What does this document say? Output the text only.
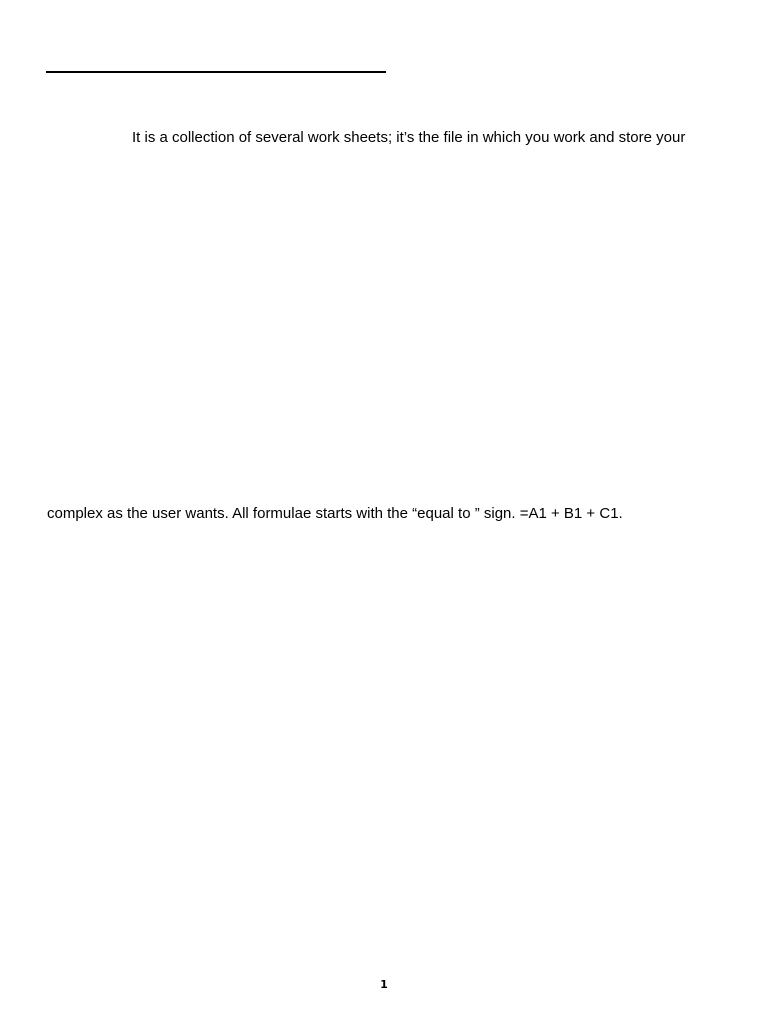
It is a collection of several work sheets; it’s the file in which you work and store your
complex as the user wants. All formulae starts with the “equal to ” sign. =A1 + B1 + C1.
1
